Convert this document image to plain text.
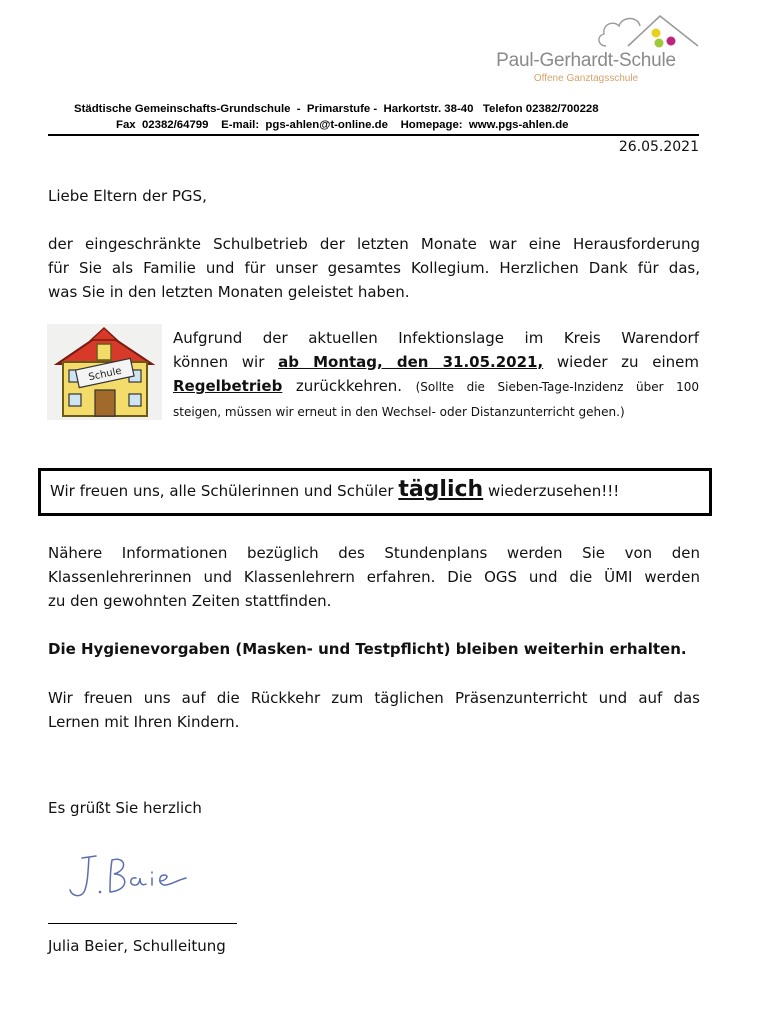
Paul-Gerhardt-Schule
Offene Ganztagsschule
Städtische Gemeinschafts-Grundschule  -  Primarstufe -  Harkortstr. 38-40   Telefon 02382/700228
Fax  02382/64799    E-mail:  pgs-ahlen@t-online.de    Homepage:  www.pgs-ahlen.de
26.05.2021
Liebe Eltern der PGS,
der eingeschränkte Schulbetrieb der letzten Monate war eine Herausforderung
für Sie als Familie und für unser gesamtes Kollegium. Herzlichen Dank für das,
was Sie in den letzten Monaten geleistet haben.
Schule
Aufgrund der aktuellen Infektionslage im Kreis Warendorf
können wir ab Montag, den 31.05.2021, wieder zu einem
Regelbetrieb zurückkehren. (Sollte die Sieben-Tage-Inzidenz über 100
steigen, müssen wir erneut in den Wechsel- oder Distanzunterricht gehen.)
Wir freuen uns, alle Schülerinnen und Schüler täglich wiederzusehen!!!
Nähere Informationen bezüglich des Stundenplans werden Sie von den
Klassenlehrerinnen und Klassenlehrern erfahren. Die OGS und die ÜMI werden
zu den gewohnten Zeiten stattfinden.
Die Hygienevorgaben (Masken- und Testpflicht) bleiben weiterhin erhalten.
Wir freuen uns auf die Rückkehr zum täglichen Präsenzunterricht und auf das
Lernen mit Ihren Kindern.
Es grüßt Sie herzlich
Julia Beier, Schulleitung
